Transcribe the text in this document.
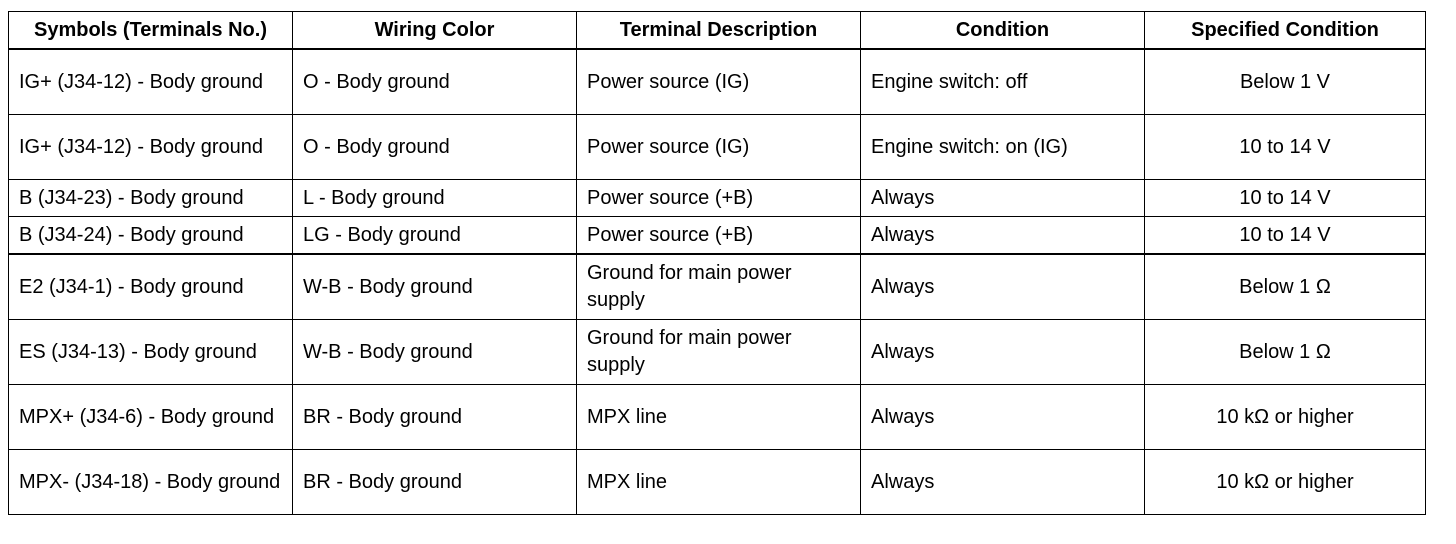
Symbols (Terminals No.)	Wiring Color	Terminal Description	Condition	Specified Condition
IG+ (J34-12) - Body ground	O - Body ground	Power source (IG)	Engine switch: off	Below 1 V
IG+ (J34-12) - Body ground	O - Body ground	Power source (IG)	Engine switch: on (IG)	10 to 14 V
B (J34-23) - Body ground	L - Body ground	Power source (+B)	Always	10 to 14 V
B (J34-24) - Body ground	LG - Body ground	Power source (+B)	Always	10 to 14 V
E2 (J34-1) - Body ground	W-B - Body ground	Ground for main power supply	Always	Below 1 Ω
ES (J34-13) - Body ground	W-B - Body ground	Ground for main power supply	Always	Below 1 Ω
MPX+ (J34-6) - Body ground	BR - Body ground	MPX line	Always	10 kΩ or higher
MPX- (J34-18) - Body ground	BR - Body ground	MPX line	Always	10 kΩ or higher
